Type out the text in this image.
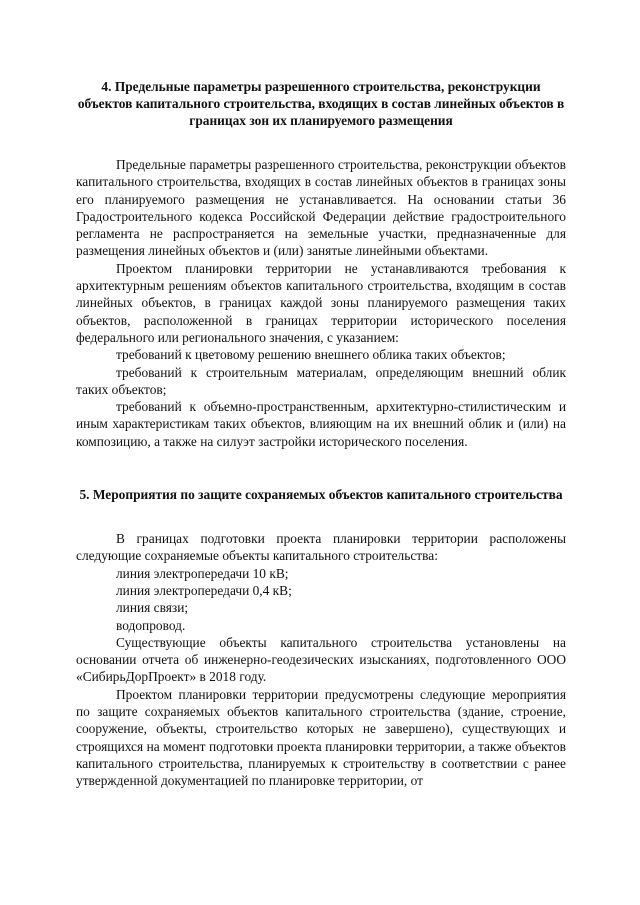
4. Предельные параметры разрешенного строительства, реконструкции объектов капитального строительства, входящих в состав линейных объектов в границах зон их планируемого размещения

Предельные параметры разрешенного строительства, реконструкции объектов капитального строительства, входящих в состав линейных объектов в границах зоны его планируемого размещения не устанавливается. На основании статьи 36 Градостроительного кодекса Российской Федерации действие градостроительного регламента не распространяется на земельные участки, предназначенные для размещения линейных объектов и (или) занятые линейными объектами.

Проектом планировки территории не устанавливаются требования к архитектурным решениям объектов капитального строительства, входящим в состав линейных объектов, в границах каждой зоны планируемого размещения таких объектов, расположенной в границах территории исторического поселения федерального или регионального значения, с указанием:

требований к цветовому решению внешнего облика таких объектов;

требований к строительным материалам, определяющим внешний облик таких объектов;

требований к объемно-пространственным, архитектурно-стилистическим и иным характеристикам таких объектов, влияющим на их внешний облик и (или) на композицию, а также на силуэт застройки исторического поселения.

5. Мероприятия по защите сохраняемых объектов капитального строительства

В границах подготовки проекта планировки территории расположены следующие сохраняемые объекты капитального строительства:

линия электропередачи 10 кВ;

линия электропередачи 0,4 кВ;

линия связи;

водопровод.

Существующие объекты капитального строительства установлены на основании отчета об инженерно-геодезических изысканиях, подготовленного ООО «СибирьДорПроект» в 2018 году.

Проектом планировки территории предусмотрены следующие мероприятия по защите сохраняемых объектов капитального строительства (здание, строение, сооружение, объекты, строительство которых не завершено), существующих и строящихся на момент подготовки проекта планировки территории, а также объектов капитального строительства, планируемых к строительству в соответствии с ранее утвержденной документацией по планировке территории, от
